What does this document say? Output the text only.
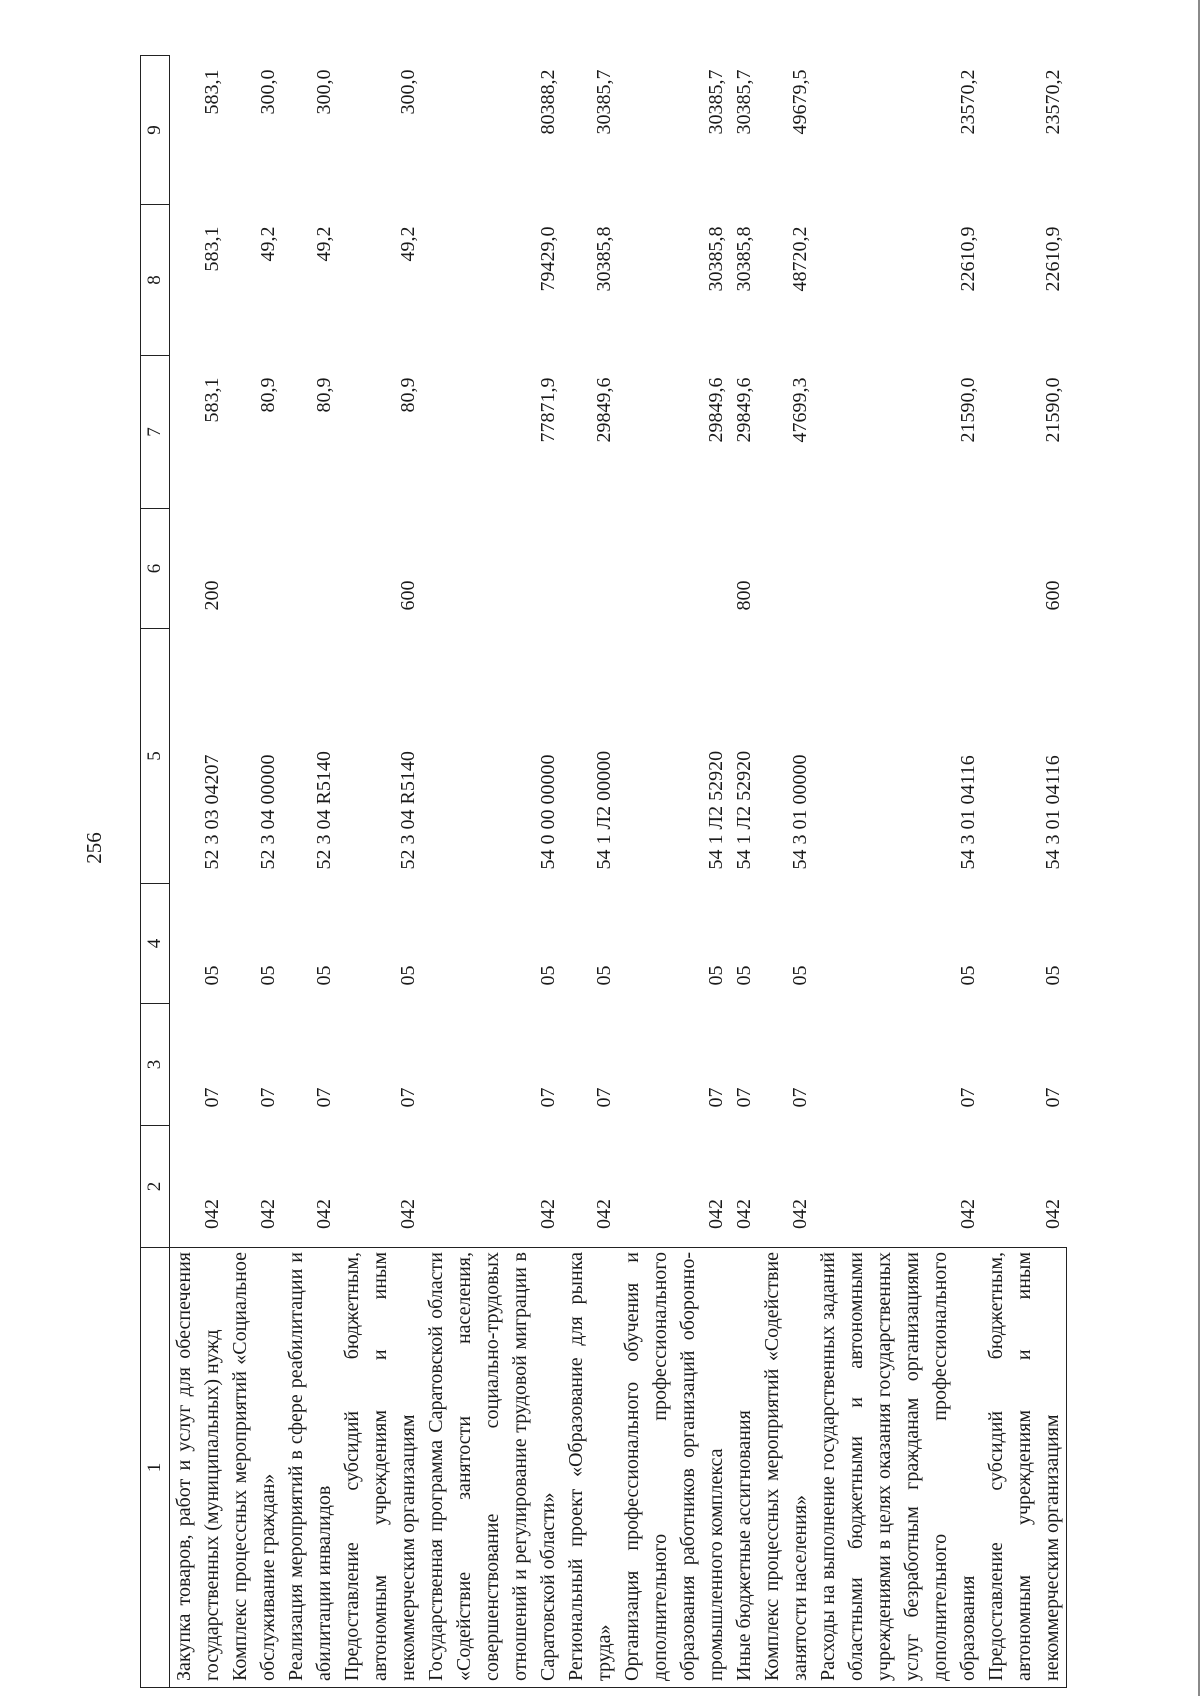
256
1	2	3	4	5	6	7	8	9
Закупка товаров, работ и услуг для обеспечения государственных (муниципальных) нужд	042	07	05	52 3 03 04207	200	583,1	583,1	583,1
Комплекс процессных мероприятий «Социальное обслуживание граждан»	042	07	05	52 3 04 00000		80,9	49,2	300,0
Реализация мероприятий в сфере реабилитации и абилитации инвалидов	042	07	05	52 3 04 R5140		80,9	49,2	300,0
Предоставление субсидий бюджетным, автономным учреждениям и иным некоммерческим организациям	042	07	05	52 3 04 R5140	600	80,9	49,2	300,0
Государственная программа Саратовской области «Содействие занятости населения, совершенствование социально-трудовых отношений и регулирование трудовой миграции в Саратовской области»	042	07	05	54 0 00 00000		77871,9	79429,0	80388,2
Региональный проект «Образование для рынка труда»	042	07	05	54 1 Л2 00000		29849,6	30385,8	30385,7
Организация профессионального обучения и дополнительного профессионального образования работников организаций оборонно-промышленного комплекса	042	07	05	54 1 Л2 52920		29849,6	30385,8	30385,7
Иные бюджетные ассигнования	042	07	05	54 1 Л2 52920	800	29849,6	30385,8	30385,7
Комплекс процессных мероприятий «Содействие занятости населения»	042	07	05	54 3 01 00000		47699,3	48720,2	49679,5
Расходы на выполнение государственных заданий областными бюджетными и автономными учреждениями в целях оказания государственных услуг безработным гражданам организациями дополнительного профессионального образования	042	07	05	54 3 01 04116		21590,0	22610,9	23570,2
Предоставление субсидий бюджетным, автономным учреждениям и иным некоммерческим организациям	042	07	05	54 3 01 04116	600	21590,0	22610,9	23570,2
